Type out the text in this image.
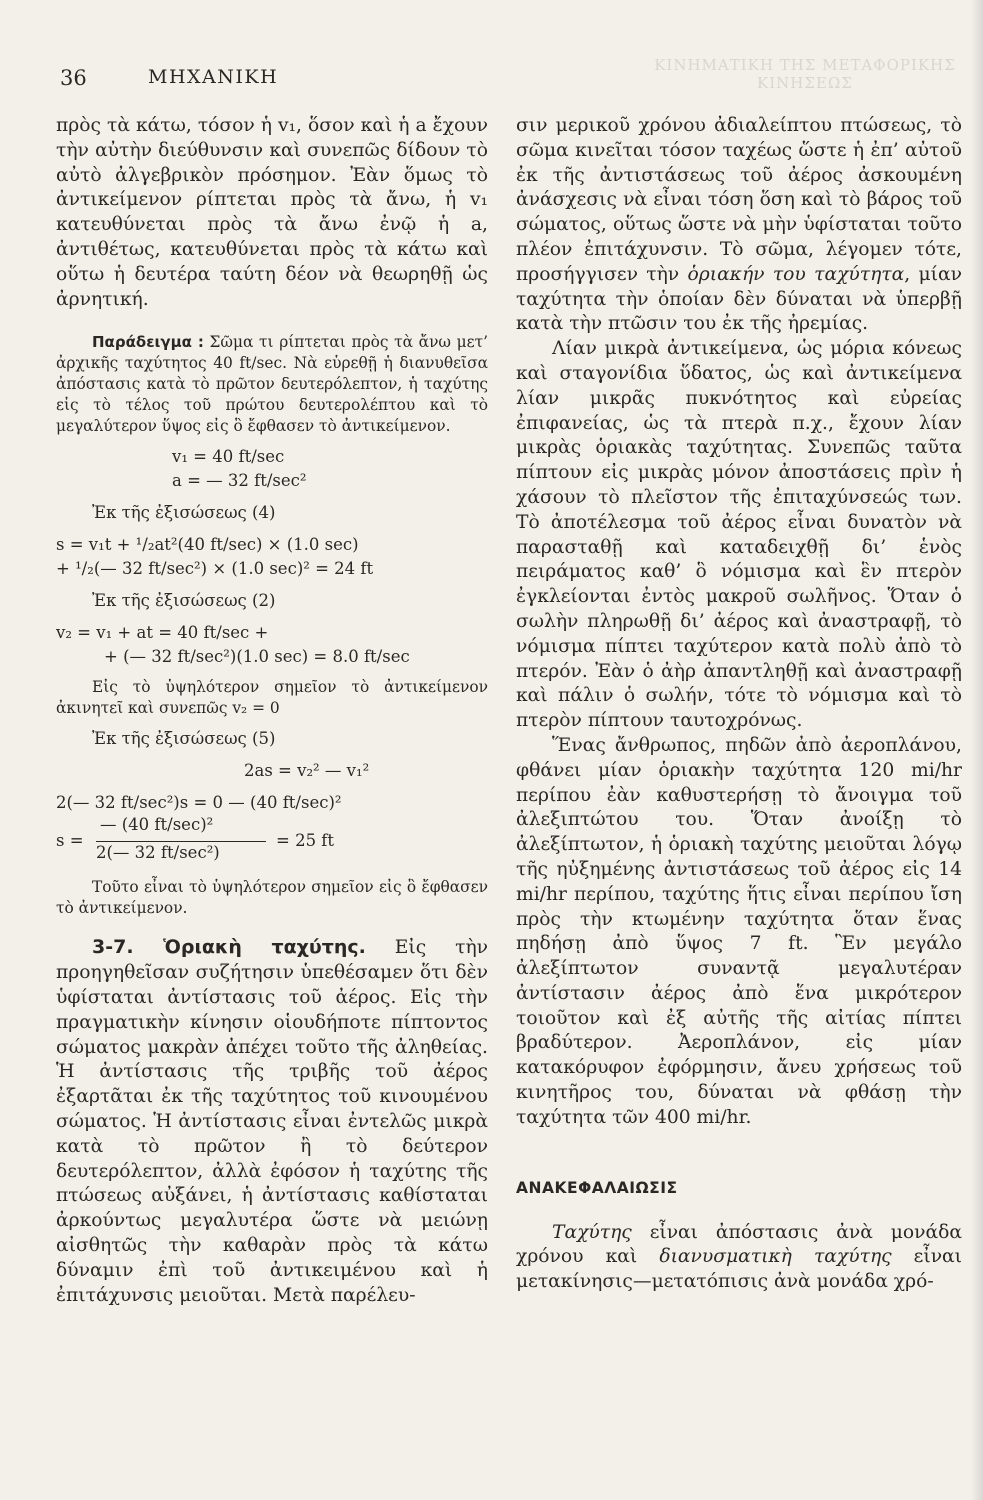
ΚΙΝΗΜΑΤΙΚΗ ΤΗΣ ΜΕΤΑΦΟΡΙΚΗΣ ΚΙΝΗΣΕΩΣ
36	ΜΗΧΑΝΙΚΗ

πρὸς τὰ κάτω, τόσον ἡ v₁, ὅσον καὶ ἡ a ἔχουν τὴν αὐτὴν διεύθυνσιν καὶ συνεπῶς δίδουν τὸ αὐτὸ ἀλγεβρικὸν πρόσημον. Ἐὰν ὅμως τὸ ἀντικείμενον ρίπτεται πρὸς τὰ ἄνω, ἡ v₁ κατευθύνεται πρὸς τὰ ἄνω ἐνῷ ἡ a, ἀντιθέτως, κατευθύνεται πρὸς τὰ κάτω καὶ οὕτω ἡ δευτέρα ταύτη δέον νὰ θεωρηθῇ ὡς ἀρνητική.

Παράδειγμα : Σῶμα τι ρίπτεται πρὸς τὰ ἄνω μετ’ ἀρχικῆς ταχύτητος 40 ft/sec. Νὰ εὑρεθῇ ἡ διανυθεῖσα ἀπόστασις κατὰ τὸ πρῶτον δευτερόλεπτον, ἡ ταχύτης εἰς τὸ τέλος τοῦ πρώτου δευτερολέπτου καὶ τὸ μεγαλύτερον ὕψος εἰς ὃ ἔφθασεν τὸ ἀντικείμενον.

v₁ = 40 ft/sec

a = — 32 ft/sec²

Ἐκ τῆς ἐξισώσεως (4)

s = v₁t + ¹/₂at²(40 ft/sec) × (1.0 sec)

+ ¹/₂(— 32 ft/sec²) × (1.0 sec)² = 24 ft

Ἐκ τῆς ἐξισώσεως (2)

v₂ = v₁ + at = 40 ft/sec +

+ (— 32 ft/sec²)(1.0 sec) = 8.0 ft/sec

Εἰς τὸ ὑψηλότερον σημεῖον τὸ ἀντικείμενον ἀκινητεῖ καὶ συνεπῶς v₂ = 0

Ἐκ τῆς ἐξισώσεως (5)

2as = v₂² — v₁²

2(— 32 ft/sec²)s = 0 — (40 ft/sec)²

s =
— (40 ft/sec)²
2(— 32 ft/sec²)
= 25 ft

Τοῦτο εἶναι τὸ ὑψηλότερον σημεῖον εἰς ὃ ἔφθασεν τὸ ἀντικείμενον.

3-7. Ὁριακὴ ταχύτης. Εἰς τὴν προηγηθεῖσαν συζήτησιν ὑπεθέσαμεν ὅτι δὲν ὑφίσταται ἀντίστασις τοῦ ἀέρος. Εἰς τὴν πραγματικὴν κίνησιν οἱουδήποτε πίπτοντος σώματος μακρὰν ἀπέχει τοῦτο τῆς ἀληθείας. Ἡ ἀντίστασις τῆς τριβῆς τοῦ ἀέρος ἐξαρτᾶται ἐκ τῆς ταχύτητος τοῦ κινουμένου σώματος. Ἡ ἀντίστασις εἶναι ἐντελῶς μικρὰ κατὰ τὸ πρῶτον ἢ τὸ δεύτερον δευτερόλεπτον, ἀλλὰ ἐφόσον ἡ ταχύτης τῆς πτώσεως αὐξάνει, ἡ ἀντίστασις καθίσταται ἀρκούντως μεγαλυτέρα ὥστε νὰ μειώνῃ αἰσθητῶς τὴν καθαρὰν πρὸς τὰ κάτω δύναμιν ἐπὶ τοῦ ἀντικειμένου καὶ ἡ ἐπιτάχυνσις μειοῦται. Μετὰ παρέλευ-

σιν μερικοῦ χρόνου ἀδιαλείπτου πτώσεως, τὸ σῶμα κινεῖται τόσον ταχέως ὥστε ἡ ἐπ’ αὐτοῦ ἐκ τῆς ἀντιστάσεως τοῦ ἀέρος ἀσκουμένη ἀνάσχεσις νὰ εἶναι τόση ὅση καὶ τὸ βάρος τοῦ σώματος, οὕτως ὥστε νὰ μὴν ὑφίσταται τοῦτο πλέον ἐπιτάχυνσιν. Τὸ σῶμα, λέγομεν τότε, προσήγγισεν τὴν ὁριακήν του ταχύτητα, μίαν ταχύτητα τὴν ὁποίαν δὲν δύναται νὰ ὑπερβῇ κατὰ τὴν πτῶσιν του ἐκ τῆς ἠρεμίας.

Λίαν μικρὰ ἀντικείμενα, ὡς μόρια κόνεως καὶ σταγονίδια ὕδατος, ὡς καὶ ἀντικείμενα λίαν μικρᾶς πυκνότητος καὶ εὐρείας ἐπιφανείας, ὡς τὰ πτερὰ π.χ., ἔχουν λίαν μικρὰς ὁριακὰς ταχύτητας. Συνεπῶς ταῦτα πίπτουν εἰς μικρὰς μόνον ἀποστάσεις πρὶν ἡ χάσουν τὸ πλεῖστον τῆς ἐπιταχύνσεώς των. Τὸ ἀποτέλεσμα τοῦ ἀέρος εἶναι δυνατὸν νὰ παρασταθῇ καὶ καταδειχθῇ δι’ ἑνὸς πειράματος καθ’ ὃ νόμισμα καὶ ἓν πτερὸν ἐγκλείονται ἐντὸς μακροῦ σωλῆνος. Ὅταν ὁ σωλὴν πληρωθῇ δι’ ἀέρος καὶ ἀναστραφῇ, τὸ νόμισμα πίπτει ταχύτερον κατὰ πολὺ ἀπὸ τὸ πτερόν. Ἐὰν ὁ ἀὴρ ἀπαντληθῇ καὶ ἀναστραφῇ καὶ πάλιν ὁ σωλήν, τότε τὸ νόμισμα καὶ τὸ πτερὸν πίπτουν ταυτοχρόνως.

Ἕνας ἄνθρωπος, πηδῶν ἀπὸ ἀεροπλάνου, φθάνει μίαν ὁριακὴν ταχύτητα 120 mi/hr περίπου ἐὰν καθυστερήσῃ τὸ ἄνοιγμα τοῦ ἀλεξιπτώτου του. Ὅταν ἀνοίξῃ τὸ ἀλεξίπτωτον, ἡ ὁριακὴ ταχύτης μειοῦται λόγῳ τῆς ηὐξημένης ἀντιστάσεως τοῦ ἀέρος εἰς 14 mi/hr περίπου, ταχύτης ἥτις εἶναι περίπου ἴση πρὸς τὴν κτωμένην ταχύτητα ὅταν ἕνας πηδήσῃ ἀπὸ ὕψος 7 ft. Ἓν μεγάλο ἀλεξίπτωτον συναντᾷ μεγαλυτέραν ἀντίστασιν ἀέρος ἀπὸ ἕνα μικρότερον τοιοῦτον καὶ ἐξ αὐτῆς τῆς αἰτίας πίπτει βραδύτερον. Ἀεροπλάνον, εἰς μίαν κατακόρυφον ἐφόρμησιν, ἄνευ χρήσεως τοῦ κινητῆρος του, δύναται νὰ φθάσῃ τὴν ταχύτητα τῶν 400 mi/hr.

ΑΝΑΚΕΦΑΛΑΙΩΣΙΣ

Ταχύτης εἶναι ἀπόστασις ἀνὰ μονάδα χρόνου καὶ διανυσματικὴ ταχύτης εἶναι μετακίνησις—μετατόπισις ἀνὰ μονάδα χρό-
